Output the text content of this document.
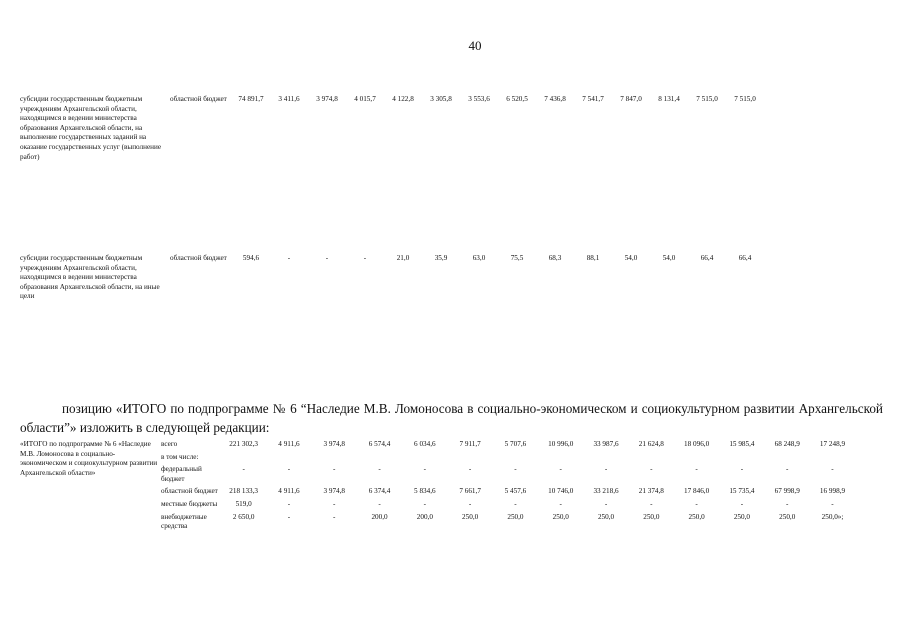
40
субсидии государственным бюджетным учреждениям Архангельской области, находящимся в ведении министерства образования Архангельской области, на выполнение государственных заданий на оказание государственных услуг (выполнение работ)	областной бюджет	74 891,7	3 411,6	3 974,8	4 015,7	4 122,8	3 305,8	3 553,6	6 520,5	7 436,8	7 541,7	7 847,0	8 131,4	7 515,0	7 515,0
субсидии государственным бюджетным учреждениям Архангельской области, находящимся в ведении министерства образования Архангельской области, на иные цели	областной бюджет	594,6	-	-	-	21,0	35,9	63,0	75,5	68,3	88,1	54,0	54,0	66,4	66,4

позицию «ИТОГО по подпрограмме № 6 “Наследие М.В. Ломоносова в социально-экономическом и социокультурном развитии Архангельской области”» изложить в следующей редакции:

«ИТОГО по подпрограмме № 6 «Наследие М.В. Ломоносова в социально-экономическом и социокультурном развитии Архангельской области»	всего	221 302,3	4 911,6	3 974,8	6 574,4	6 034,6	7 911,7	5 707,6	10 996,0	33 987,6	21 624,8	18 096,0	15 985,4	68 248,9	17 248,9
	в том числе:														
	федеральный бюджет	-	-	-	-	-	-	-	-	-	-	-	-	-	-
	областной бюджет	218 133,3	4 911,6	3 974,8	6 374,4	5 834,6	7 661,7	5 457,6	10 746,0	33 218,6	21 374,8	17 846,0	15 735,4	67 998,9	16 998,9
	местные бюджеты	519,0	-	-	-	-	-	-	-	-	-	-	-	-	-
	внебюджетные средства	2 650,0	-	-	200,0	200,0	250,0	250,0	250,0	250,0	250,0	250,0	250,0	250,0	250,0»;
